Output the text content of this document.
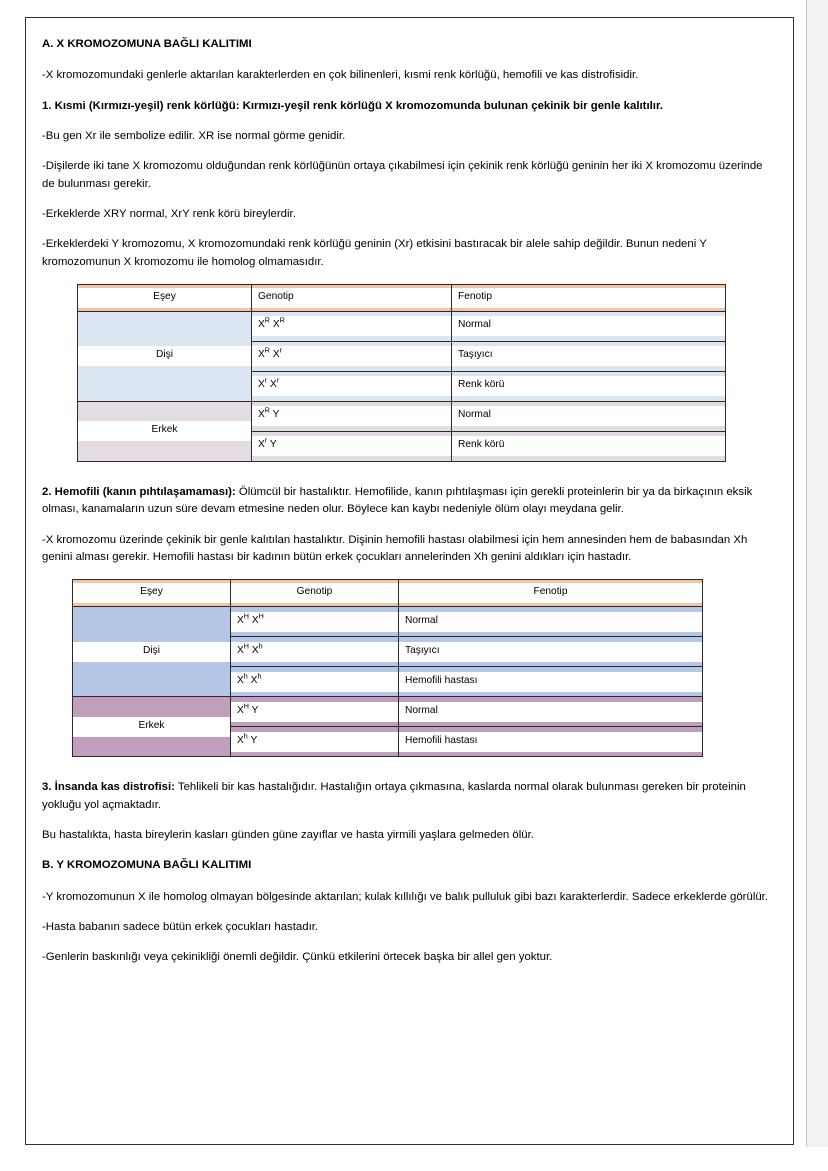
A. X KROMOZOMUNA BAĞLI KALITIMI

-X kromozomundaki genlerle aktarılan karakterlerden en çok bilinenleri, kısmi renk körlüğü, hemofili ve kas distrofisidir.

1. Kısmi (Kırmızı-yeşil) renk körlüğü: Kırmızı-yeşil renk körlüğü X kromozomunda bulunan çekinik bir genle kalıtılır.

-Bu gen Xr ile sembolize edilir. XR ise normal görme genidir.

-Dişilerde iki tane X kromozomu olduğundan renk körlüğünün ortaya çıkabilmesi için çekinik renk körlüğü geninin her iki X kromozomu üzerinde de bulunması gerekir.

-Erkeklerde XRY normal, XrY renk körü bireylerdir.

-Erkeklerdeki Y kromozomu, X kromozomundaki renk körlüğü geninin (Xr) etkisini bastıracak bir alele sahip değildir. Bunun nedeni Y kromozomunun X kromozomu ile homolog olmamasıdır.

Eşey	Genotip	Fenotip

Dişi	$X^R$ $X^R$	Normal

	$X^R$ $X^r$	Taşıyıcı

	$X^r$ $X^r$	Renk körü

Erkek	$X^R$ Y	Normal

	$X^r$ Y	Renk körü

2. Hemofili (kanın pıhtılaşamaması): Ölümcül bir hastalıktır. Hemofilide, kanın pıhtılaşması için gerekli proteinlerin bir ya da birkaçının eksik olması, kanamaların uzun süre devam etmesine neden olur. Böylece kan kaybı nedeniyle ölüm olayı meydana gelir.

-X kromozomu üzerinde çekinik bir genle kalıtılan hastalıktır. Dişinin hemofili hastası olabilmesi için hem annesinden hem de babasından Xh genini alması gerekir. Hemofili hastası bir kadının bütün erkek çocukları annelerinden Xh genini aldıkları için hastadır.

Eşey	Genotip	Fenotip

Dişi	$X^H$ $X^H$	Normal

	$X^H$ $X^h$	Taşıyıcı

	$X^h$ $X^h$	Hemofili hastası

Erkek	$X^H$ Y	Normal

	$X^h$ Y	Hemofili hastası

3. İnsanda kas distrofisi: Tehlikeli bir kas hastalığıdır. Hastalığın ortaya çıkmasına, kaslarda normal olarak bulunması gereken bir proteinin yokluğu yol açmaktadır.

Bu hastalıkta, hasta bireylerin kasları günden güne zayıflar ve hasta yirmili yaşlara gelmeden ölür.

B. Y KROMOZOMUNA BAĞLI KALITIMI

-Y kromozomunun X ile homolog olmayan bölgesinde aktarılan; kulak kıllılığı ve balık pulluluk gibi bazı karakterlerdir. Sadece erkeklerde görülür.

-Hasta babanın sadece bütün erkek çocukları hastadır.

-Genlerin baskınlığı veya çekinikliği önemli değildir. Çünkü etkilerini örtecek başka bir allel gen yoktur.
